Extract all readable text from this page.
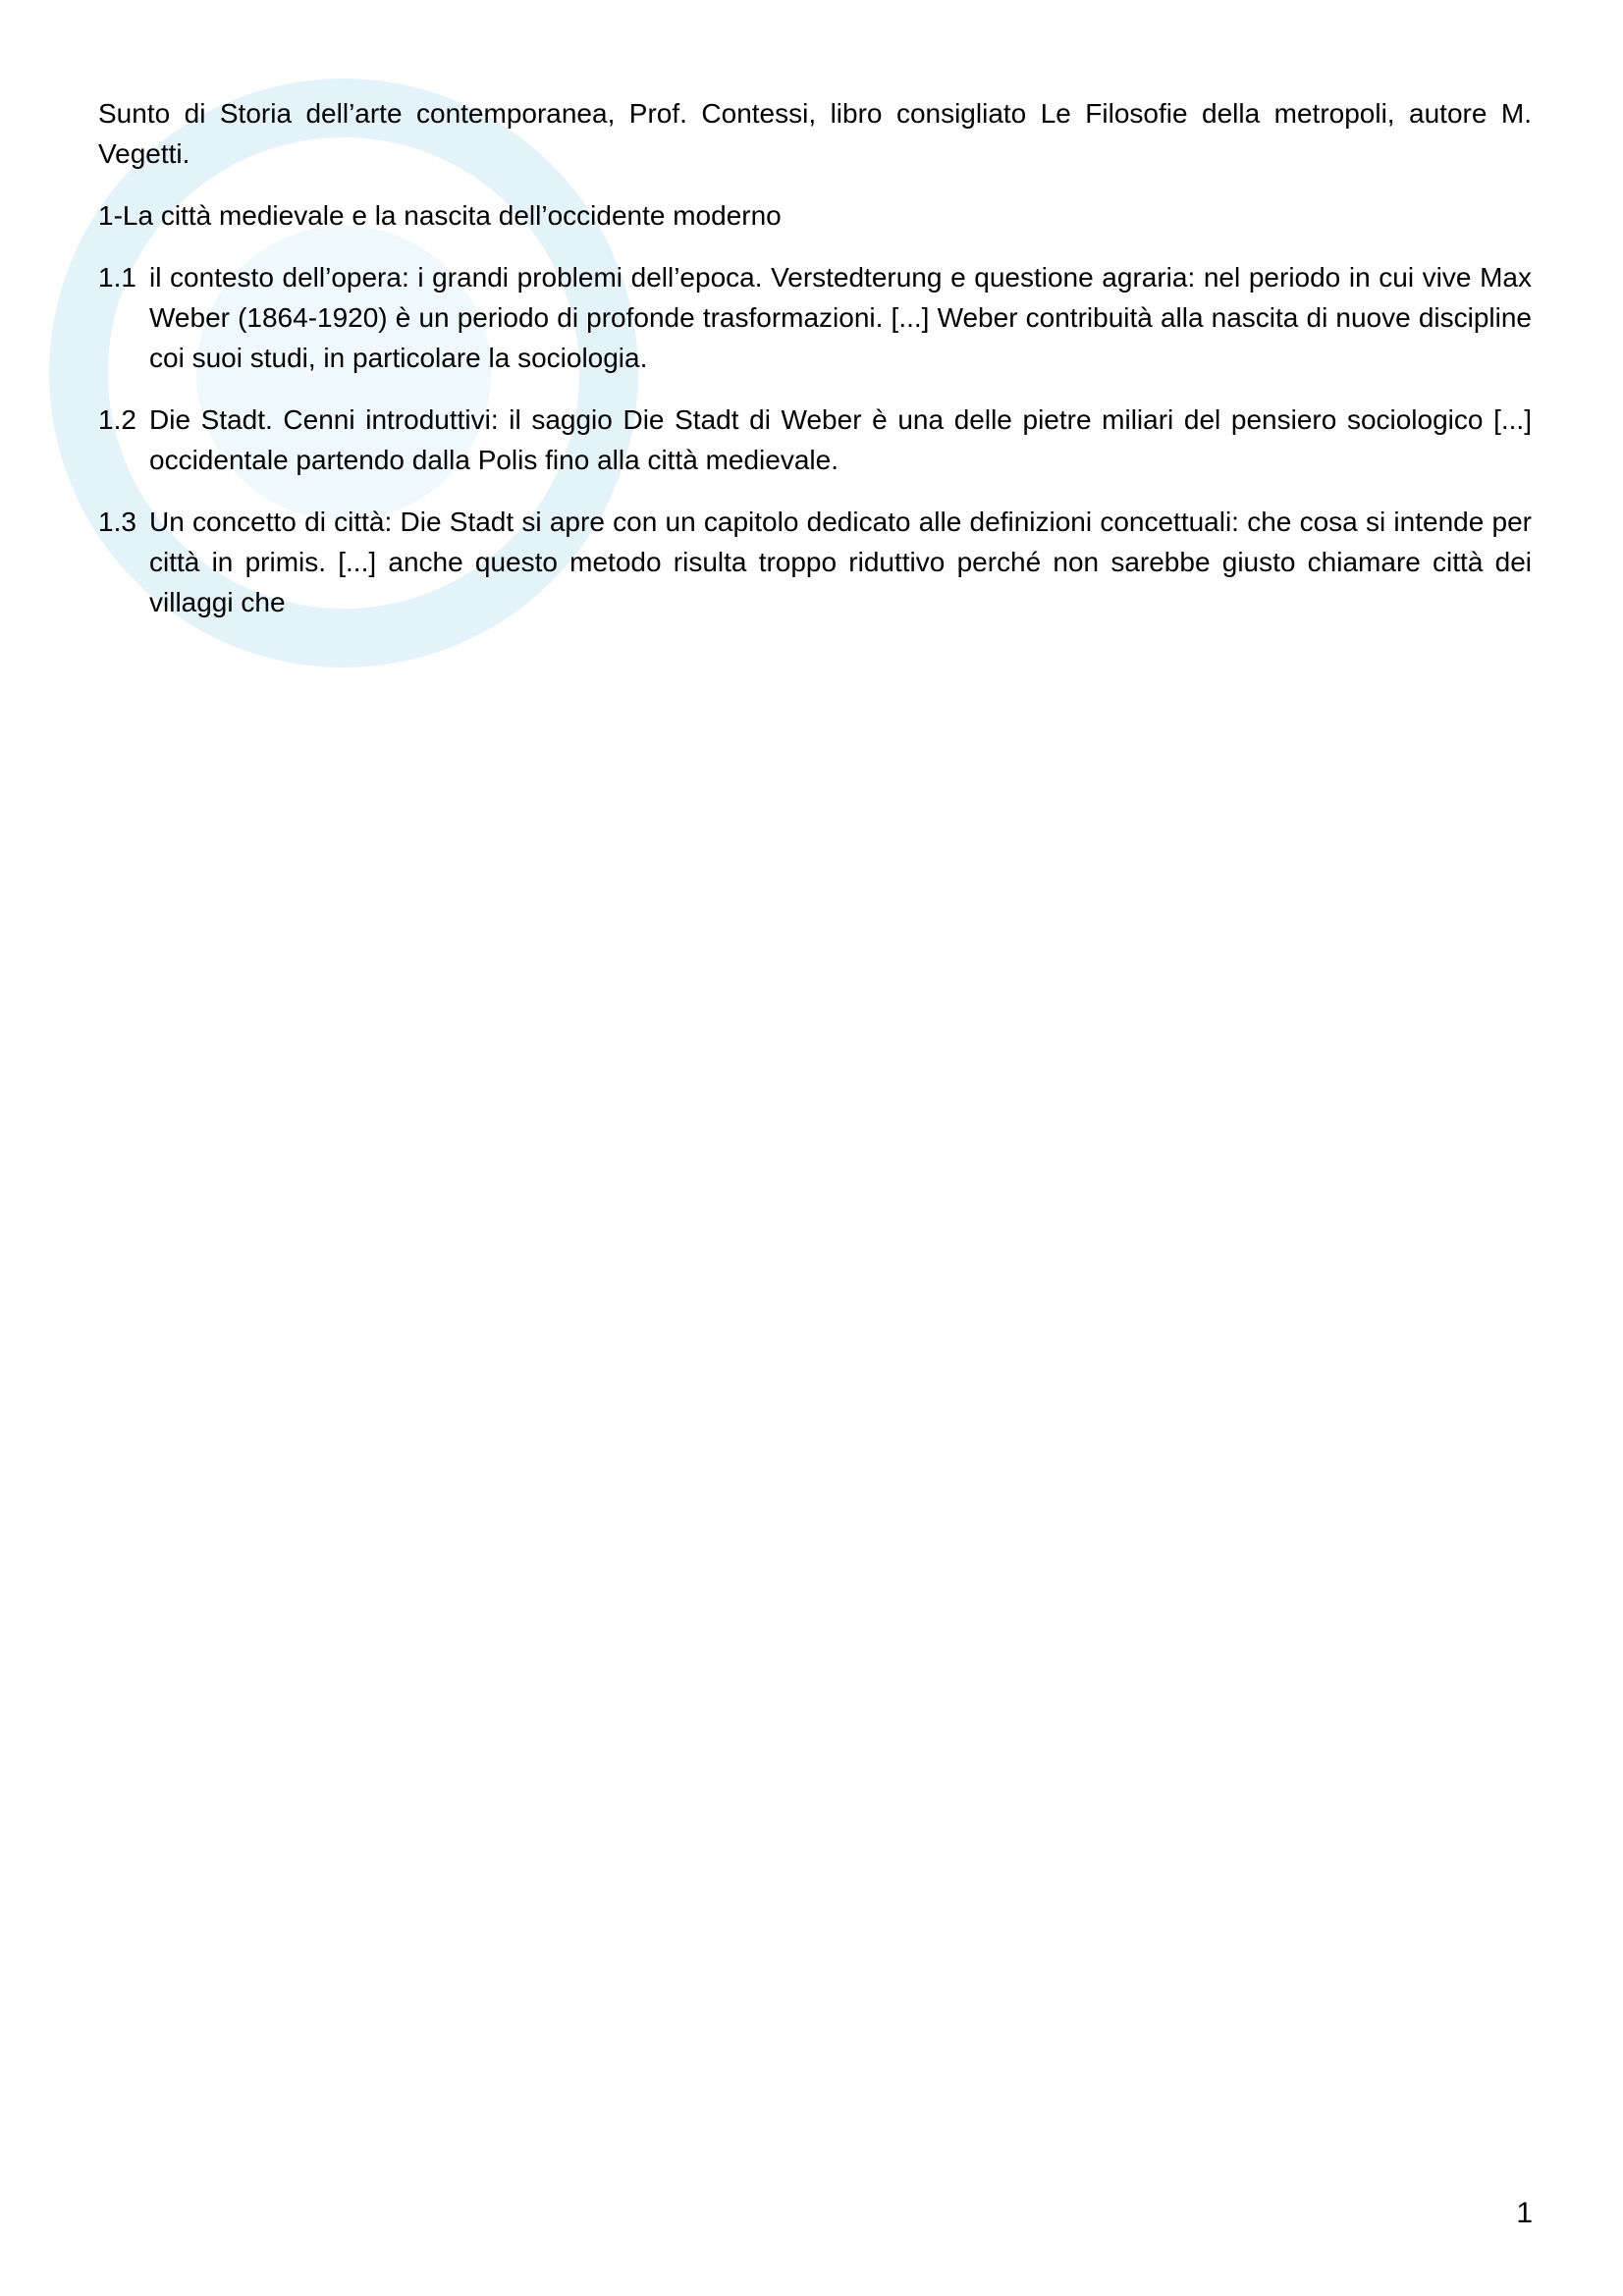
Sunto di Storia dell’arte contemporanea, Prof. Contessi, libro consigliato Le Filosofie della metropoli, autore M. Vegetti.

1-La città medievale e la nascita dell’occidente moderno

1.1 il contesto dell’opera: i grandi problemi dell’epoca. Verstedterung e questione agraria: nel periodo in cui vive Max Weber (1864-1920) è un periodo di profonde trasformazioni. [...] Weber contribuità alla nascita di nuove discipline coi suoi studi, in particolare la sociologia.
1.2 Die Stadt. Cenni introduttivi: il saggio Die Stadt di Weber è una delle pietre miliari del pensiero sociologico [...] occidentale partendo dalla Polis fino alla città medievale.
1.3 Un concetto di città: Die Stadt si apre con un capitolo dedicato alle definizioni concettuali: che cosa si intende per città in primis. [...] anche questo metodo risulta troppo riduttivo perché non sarebbe giusto chiamare città dei villaggi che
1
